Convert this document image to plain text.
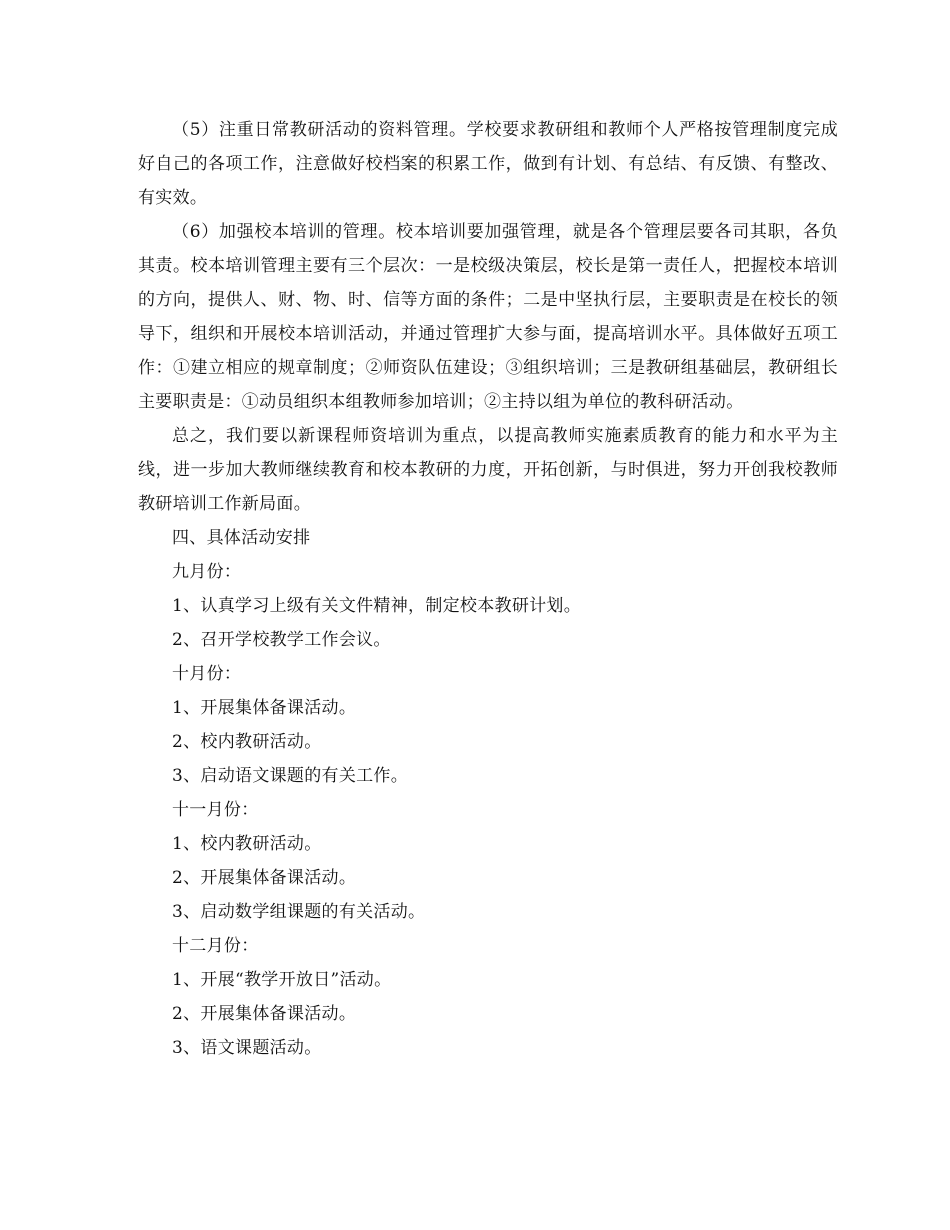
（5）注重日常教研活动的资料管理。学校要求教研组和教师个人严格按管理制度完成好自己的各项工作，注意做好校档案的积累工作，做到有计划、有总结、有反馈、有整改、有实效。

（6）加强校本培训的管理。校本培训要加强管理，就是各个管理层要各司其职，各负其责。校本培训管理主要有三个层次：一是校级决策层，校长是第一责任人，把握校本培训的方向，提供人、财、物、时、信等方面的条件；二是中坚执行层，主要职责是在校长的领导下，组织和开展校本培训活动，并通过管理扩大参与面，提高培训水平。具体做好五项工作：①建立相应的规章制度；②师资队伍建设；③组织培训；三是教研组基础层，教研组长主要职责是：①动员组织本组教师参加培训；②主持以组为单位的教科研活动。

总之，我们要以新课程师资培训为重点，以提高教师实施素质教育的能力和水平为主线，进一步加大教师继续教育和校本教研的力度，开拓创新，与时俱进，努力开创我校教师教研培训工作新局面。

四、具体活动安排

九月份：

1、认真学习上级有关文件精神，制定校本教研计划。

2、召开学校教学工作会议。

十月份：

1、开展集体备课活动。

2、校内教研活动。

3、启动语文课题的有关工作。

十一月份：

1、校内教研活动。

2、开展集体备课活动。

3、启动数学组课题的有关活动。

十二月份：

1、开展“教学开放日”活动。

2、开展集体备课活动。

3、语文课题活动。
